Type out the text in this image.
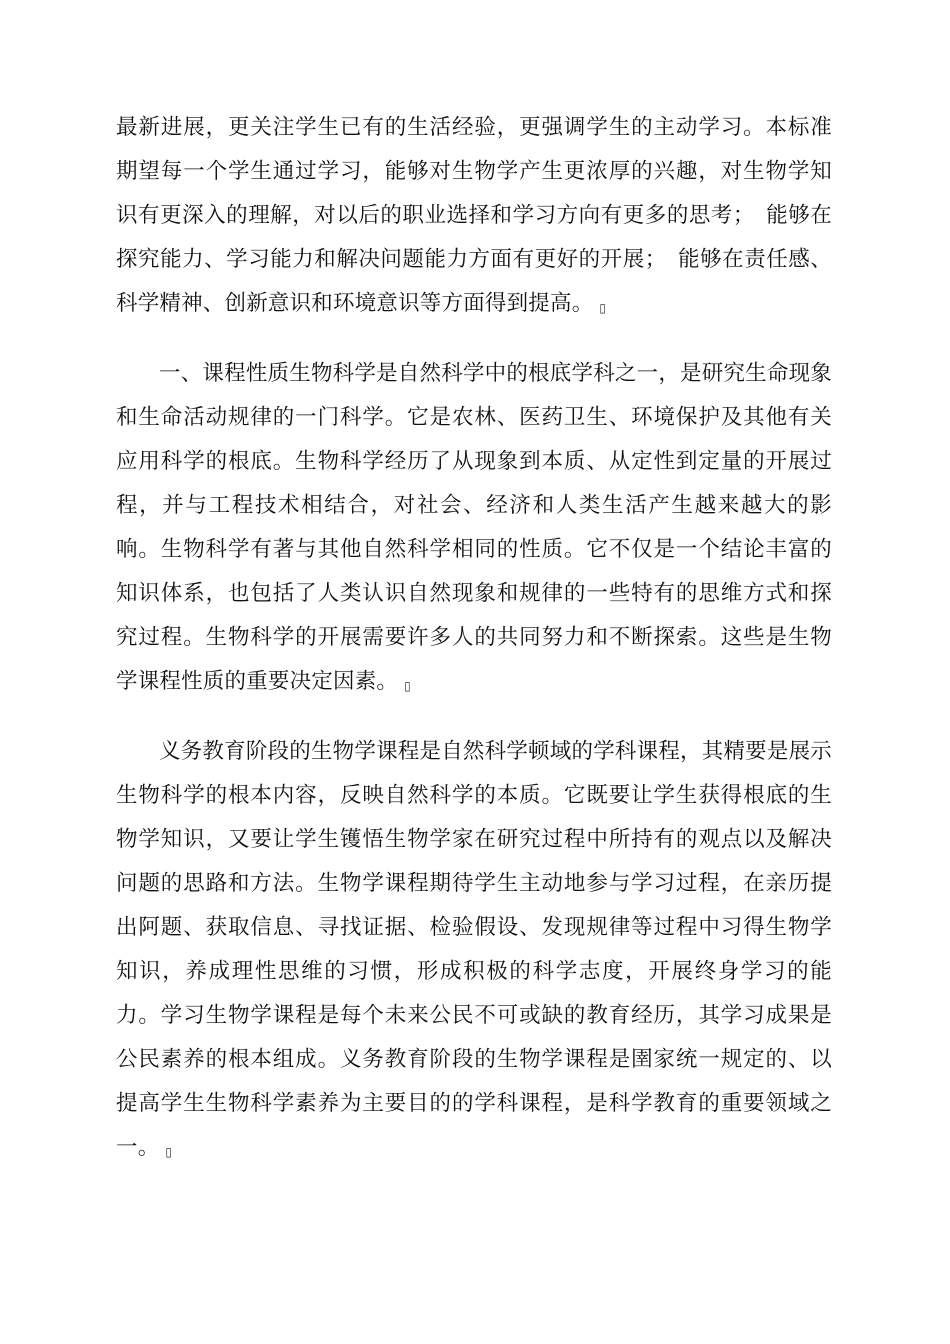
最新进展，更关注学生已有的生活经验，更强调学生的主动学习。本标准期望每一个学生通过学习，能够对生物学产生更浓厚的兴趣，对生物学知识有更深入的理解，对以后的职业选择和学习方向有更多的思考；　能够在探究能力、学习能力和解决问题能力方面有更好的开展；　能够在责任感、科学精神、创新意识和环境意识等方面得到提高。 ▯

一、课程性质生物科学是自然科学中的根底学科之一，是研究生命现象和生命活动规律的一门科学。它是农林、医药卫生、环境保护及其他有关应用科学的根底。生物科学经历了从现象到本质、从定性到定量的开展过程，并与工程技术相结合，对社会、经济和人类生活产生越来越大的影响。生物科学有著与其他自然科学相同的性质。它不仅是一个结论丰富的知识体系，也包括了人类认识自然现象和规律的一些特有的思维方式和探究过程。生物科学的开展需要许多人的共同努力和不断探索。这些是生物学课程性质的重要决定因素。 ▯

义务教育阶段的生物学课程是自然科学顿域的学科课程，其精要是展示生物科学的根本内容，反映自然科学的本质。它既要让学生获得根底的生物学知识，又要让学生镬悟生物学家在研究过程中所持有的观点以及解决问题的思路和方法。生物学课程期待学生主动地参与学习过程，在亲历提出阿题、获取信息、寻找证据、检验假设、发现规律等过程中习得生物学知识，养成理性思维的习惯，形成积极的科学志度，开展终身学习的能力。学习生物学课程是每个未来公民不可或缺的教育经历，其学习成果是公民素养的根本组成。义务教育阶段的生物学课程是圉家统一规定的、以提高学生生物科学素养为主要目的的学科课程，是科学教育的重要领域之一。 ▯
